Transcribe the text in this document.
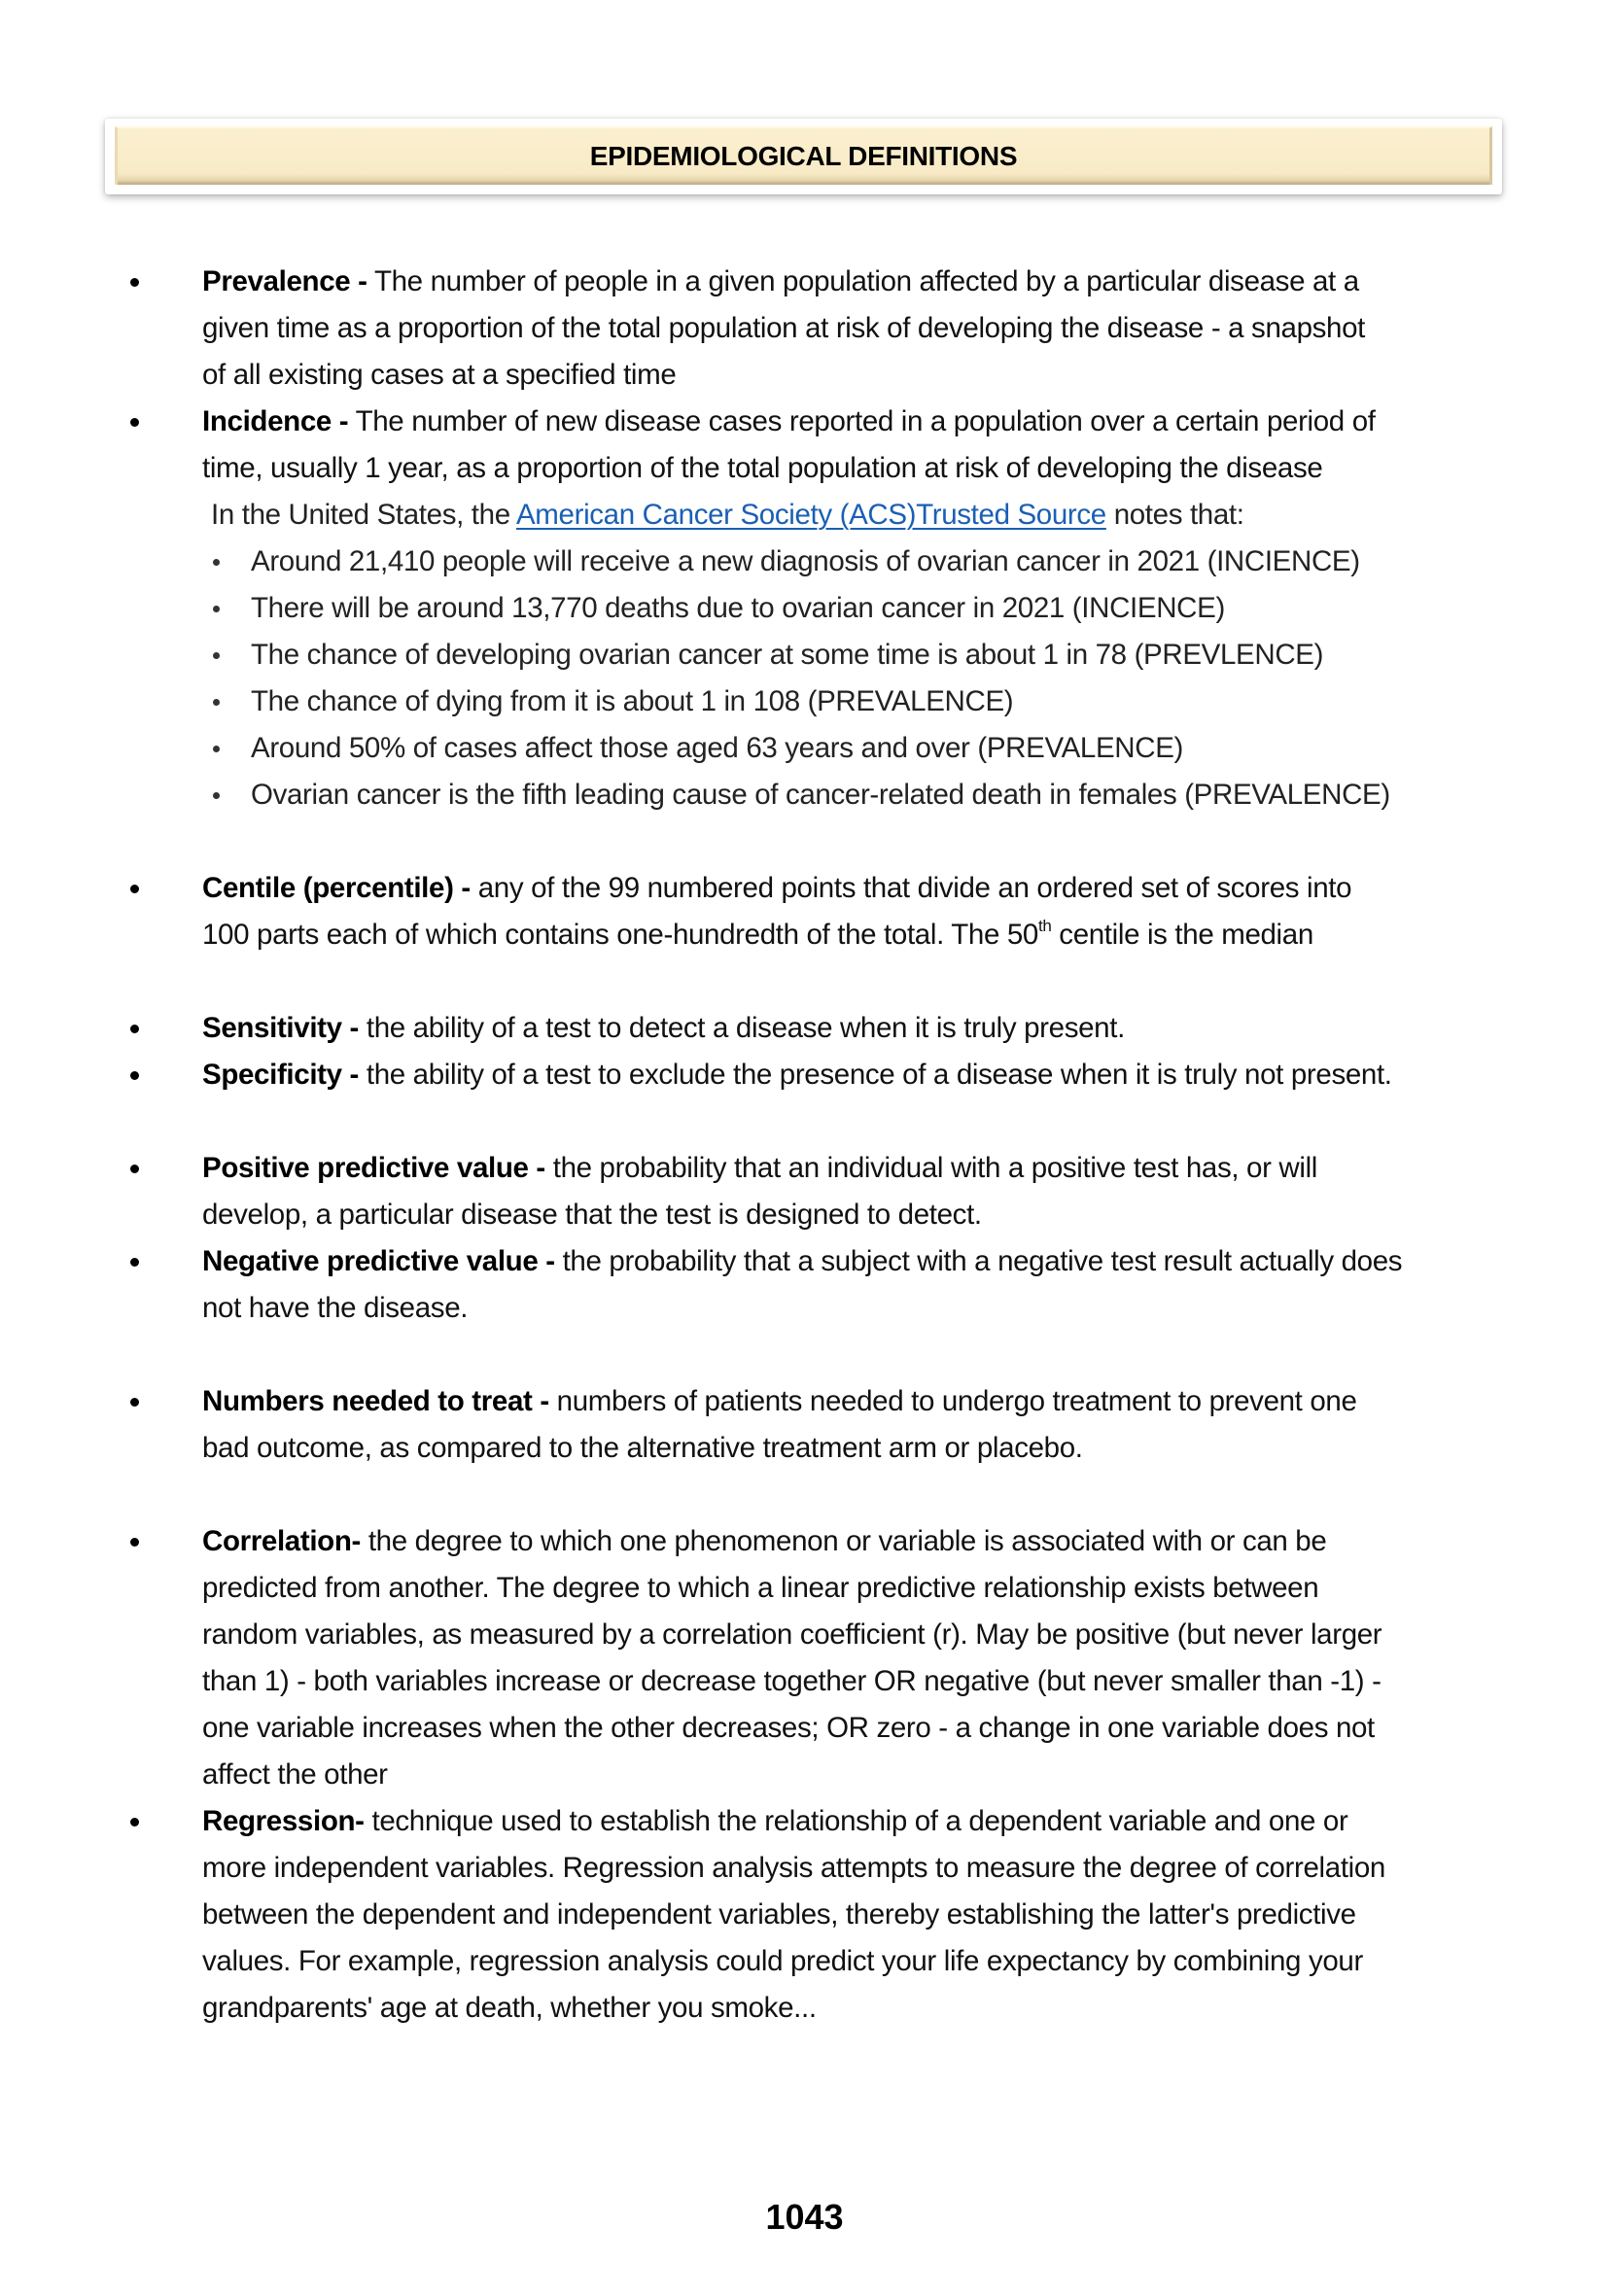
EPIDEMIOLOGICAL DEFINITIONS
Prevalence - The number of people in a given population affected by a particular disease at a
given time as a proportion of the total population at risk of developing the disease - a snapshot
of all existing cases at a specified time
Incidence - The number of new disease cases reported in a population over a certain period of
time, usually 1 year, as a proportion of the total population at risk of developing the disease
In the United States, the American Cancer Society (ACS)Trusted Source notes that:
Around 21,410 people will receive a new diagnosis of ovarian cancer in 2021 (INCIENCE)
There will be around 13,770 deaths due to ovarian cancer in 2021 (INCIENCE)
The chance of developing ovarian cancer at some time is about 1 in 78 (PREVLENCE)
The chance of dying from it is about 1 in 108 (PREVALENCE)
Around 50% of cases affect those aged 63 years and over (PREVALENCE)
Ovarian cancer is the fifth leading cause of cancer-related death in females (PREVALENCE)
Centile (percentile) - any of the 99 numbered points that divide an ordered set of scores into
100 parts each of which contains one-hundredth of the total. The 50th centile is the median
Sensitivity - the ability of a test to detect a disease when it is truly present.
Specificity - the ability of a test to exclude the presence of a disease when it is truly not present.
Positive predictive value - the probability that an individual with a positive test has, or will
develop, a particular disease that the test is designed to detect.
Negative predictive value - the probability that a subject with a negative test result actually does
not have the disease.
Numbers needed to treat - numbers of patients needed to undergo treatment to prevent one
bad outcome, as compared to the alternative treatment arm or placebo.
Correlation- the degree to which one phenomenon or variable is associated with or can be
predicted from another. The degree to which a linear predictive relationship exists between
random variables, as measured by a correlation coefficient (r). May be positive (but never larger
than 1) - both variables increase or decrease together OR negative (but never smaller than -1) -
one variable increases when the other decreases; OR zero - a change in one variable does not
affect the other
Regression- technique used to establish the relationship of a dependent variable and one or
more independent variables. Regression analysis attempts to measure the degree of correlation
between the dependent and independent variables, thereby establishing the latter's predictive
values. For example, regression analysis could predict your life expectancy by combining your
grandparents' age at death, whether you smoke...
1043
